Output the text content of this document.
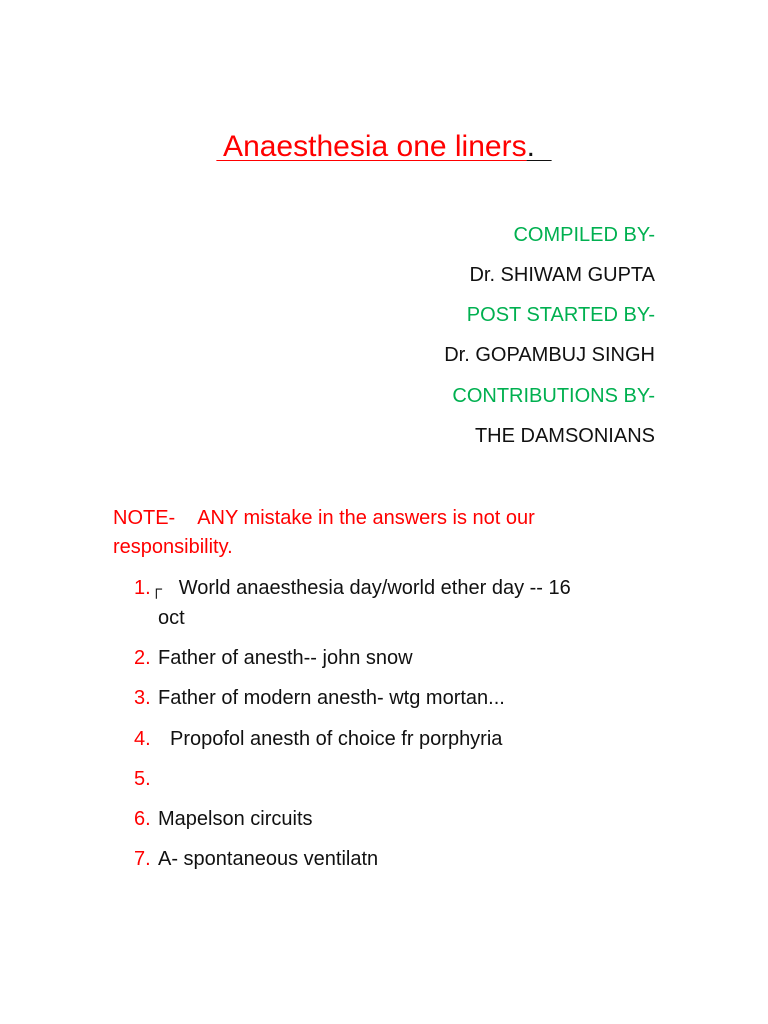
Anaesthesia one liners.
COMPILED BY-
Dr. SHIWAM GUPTA
POST STARTED BY-
Dr. GOPAMBUJ SINGH
CONTRIBUTIONS BY-
THE DAMSONIANS
NOTE- ANY mistake in the answers is not our responsibility.
1.┌ World anaesthesia day/world ether day -- 16
oct
2. Father of anesth-- john snow
3. Father of modern anesth- wtg mortan...
4. Propofol anesth of choice fr porphyria
5.
6. Mapelson circuits
7. A- spontaneous ventilatn
